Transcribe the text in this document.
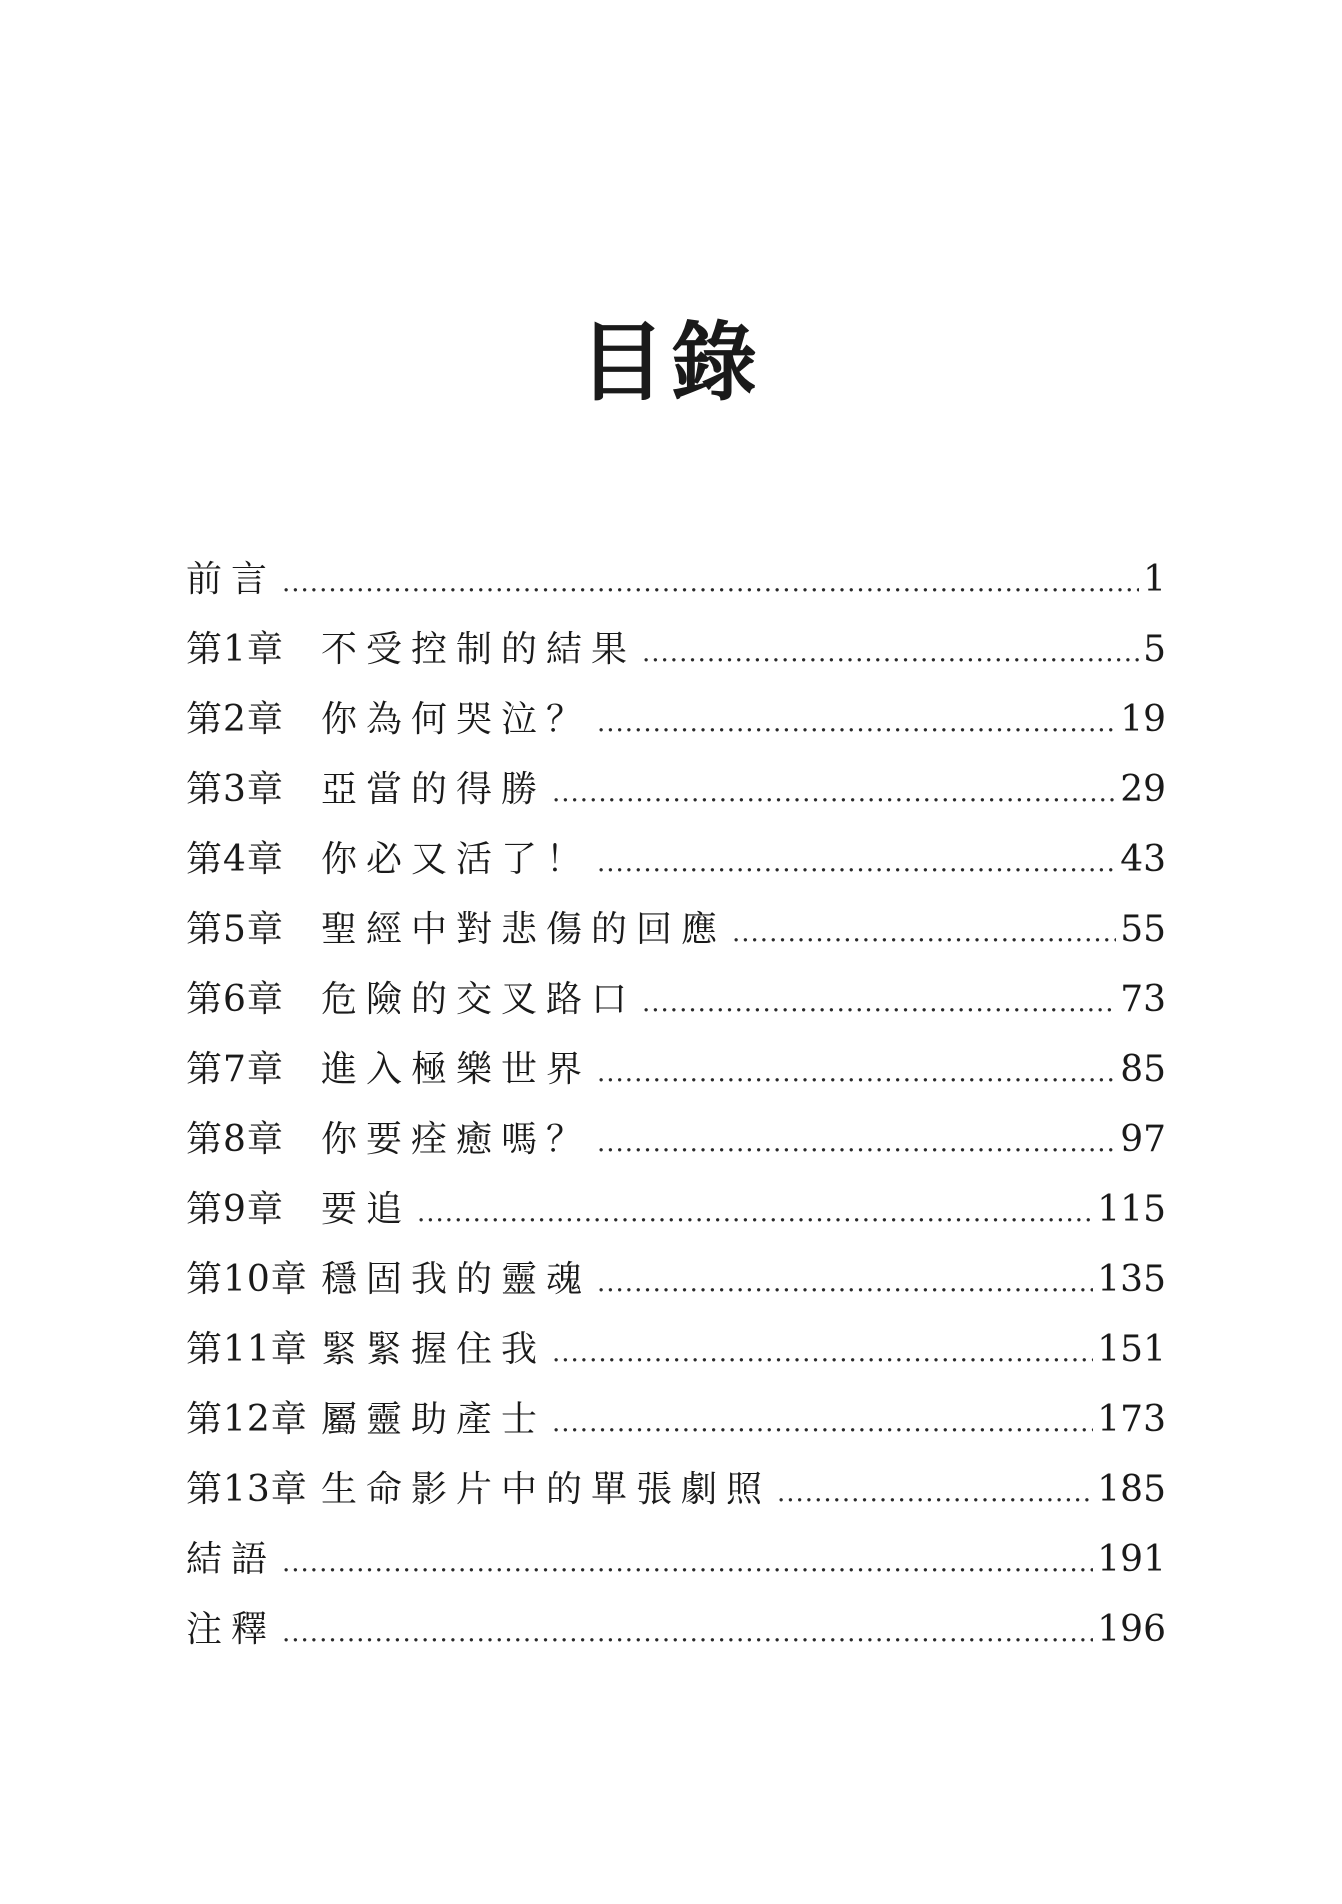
目錄
前言 .....	1
第1章	不受控制的結果 .....	5
第2章	你為何哭泣？ .....	19
第3章	亞當的得勝 .....	29
第4章	你必又活了！ .....	43
第5章	聖經中對悲傷的回應 .....	55
第6章	危險的交叉路口 .....	73
第7章	進入極樂世界 .....	85
第8章	你要痊癒嗎？ .....	97
第9章	要追 .....	115
第10章 穩固我的靈魂 .....	135
第11章 緊緊握住我 .....	151
第12章 屬靈助產士 .....	173
第13章 生命影片中的單張劇照 .....	185
結語 .....	191
注釋 .....	196
